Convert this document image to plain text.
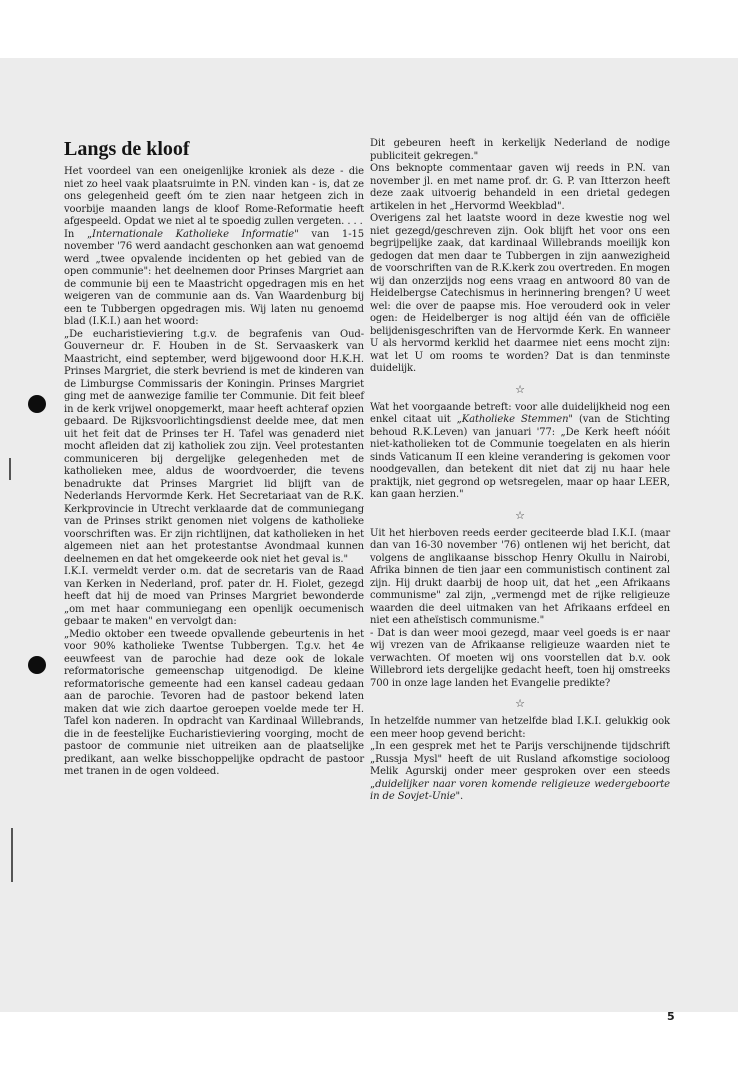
Langs de kloof

Het voordeel van een oneigenlijke kroniek als deze - die niet zo heel vaak plaatsruimte in P.N. vinden kan - is, dat ze ons gelegenheid geeft óm te zien naar hetgeen zich in voorbije maanden langs de kloof Rome-Reformatie heeft afgespeeld. Opdat we niet al te spoedig zullen vergeten. . . .

In „Internationale Katholieke Informatie" van 1-15 november '76 werd aandacht geschonken aan wat genoemd werd „twee opvalende incidenten op het gebied van de open communie": het deelnemen door Prinses Margriet aan de communie bij een te Maastricht opgedragen mis en het weigeren van de communie aan ds. Van Waardenburg bij een te Tubbergen opgedragen mis. Wij laten nu genoemd blad (I.K.I.) aan het woord:

„De eucharistieviering t.g.v. de begrafenis van Oud-Gouverneur dr. F. Houben in de St. Servaaskerk van Maastricht, eind september, werd bijgewoond door H.K.H. Prinses Margriet, die sterk bevriend is met de kinderen van de Limburgse Commissaris der Koningin. Prinses Margriet ging met de aanwezige familie ter Communie. Dit feit bleef in de kerk vrijwel onopgemerkt, maar heeft achteraf opzien gebaard. De Rijksvoorlichtingsdienst deelde mee, dat men uit het feit dat de Prinses ter H. Tafel was genaderd niet mocht afleiden dat zij katholiek zou zijn. Veel protestanten communiceren bij dergelijke gelegenheden met de katholieken mee, aldus de woordvoerder, die tevens benadrukte dat Prinses Margriet lid blijft van de Nederlands Hervormde Kerk. Het Secretariaat van de R.K. Kerkprovincie in Utrecht verklaarde dat de communiegang van de Prinses strikt genomen niet volgens de katholieke voorschriften was. Er zijn richtlijnen, dat katholieken in het algemeen niet aan het protestantse Avondmaal kunnen deelnemen en dat het omgekeerde ook niet het geval is."

I.K.I. vermeldt verder o.m. dat de secretaris van de Raad van Kerken in Nederland, prof. pater dr. H. Fiolet, gezegd heeft dat hij de moed van Prinses Margriet bewonderde „om met haar communiegang een openlijk oecumenisch gebaar te maken" en vervolgt dan:

„Medio oktober een tweede opvallende gebeurtenis in het voor 90% katholieke Twentse Tubbergen. T.g.v. het 4e eeuwfeest van de parochie had deze ook de lokale reformatorische gemeenschap uitgenodigd. De kleine reformatorische gemeente had een kansel cadeau gedaan aan de parochie. Tevoren had de pastoor bekend laten maken dat wie zich daartoe geroepen voelde mede ter H. Tafel kon naderen. In opdracht van Kardinaal Willebrands, die in de feestelijke Eucharistieviering voorging, mocht de pastoor de communie niet uitreiken aan de plaatselijke predikant, aan welke bisschoppelijke opdracht de pastoor met tranen in de ogen voldeed.

Dit gebeuren heeft in kerkelijk Nederland de nodige publiciteit gekregen."

Ons beknopte commentaar gaven wij reeds in P.N. van november jl. en met name prof. dr. G. P. van Itterzon heeft deze zaak uitvoerig behandeld in een drietal gedegen artikelen in het „Hervormd Weekblad".

Overigens zal het laatste woord in deze kwestie nog wel niet gezegd/geschreven zijn. Ook blijft het voor ons een begrijpelijke zaak, dat kardinaal Willebrands moeilijk kon gedogen dat men daar te Tubbergen in zijn aanwezigheid de voorschriften van de R.K.kerk zou overtreden. En mogen wij dan onzerzijds nog eens vraag en antwoord 80 van de Heidelbergse Catechismus in herinnering brengen? U weet wel: die over de paapse mis. Hoe verouderd ook in veler ogen: de Heidelberger is nog altijd één van de officiële belijdenisgeschriften van de Hervormde Kerk. En wanneer U als hervormd kerklid het daarmee niet eens mocht zijn: wat let U om rooms te worden? Dat is dan tenminste duidelijk.

☆

Wat het voorgaande betreft: voor alle duidelijkheid nog een enkel citaat uit „Katholieke Stemmen" (van de Stichting behoud R.K.Leven) van januari '77: „De Kerk heeft nóóit niet-katholieken tot de Communie toegelaten en als hierin sinds Vaticanum II een kleine verandering is gekomen voor noodgevallen, dan betekent dit niet dat zij nu haar hele praktijk, niet gegrond op wetsregelen, maar op haar LEER, kan gaan herzien."

☆

Uit het hierboven reeds eerder geciteerde blad I.K.I. (maar dan van 16-30 november '76) ontlenen wij het bericht, dat volgens de anglikaanse bisschop Henry Okullu in Nairobi, Afrika binnen de tien jaar een communistisch continent zal zijn. Hij drukt daarbij de hoop uit, dat het „een Afrikaans communisme" zal zijn, „vermengd met de rijke religieuze waarden die deel uitmaken van het Afrikaans erfdeel en niet een atheïstisch communisme."

- Dat is dan weer mooi gezegd, maar veel goeds is er naar wij vrezen van de Afrikaanse religieuze waarden niet te verwachten. Of moeten wij ons voorstellen dat b.v. ook Willebrord iets dergelijke gedacht heeft, toen hij omstreeks 700 in onze lage landen het Evangelie predikte?

☆

In hetzelfde nummer van hetzelfde blad I.K.I. gelukkig ook een meer hoop gevend bericht:

„In een gesprek met het te Parijs verschijnende tijdschrift „Russja Mysl" heeft de uit Rusland afkomstige socioloog Melik Agurskij onder meer gesproken over een steeds „duidelijker naar voren komende religieuze wedergeboorte in de Sovjet-Unie".

5
